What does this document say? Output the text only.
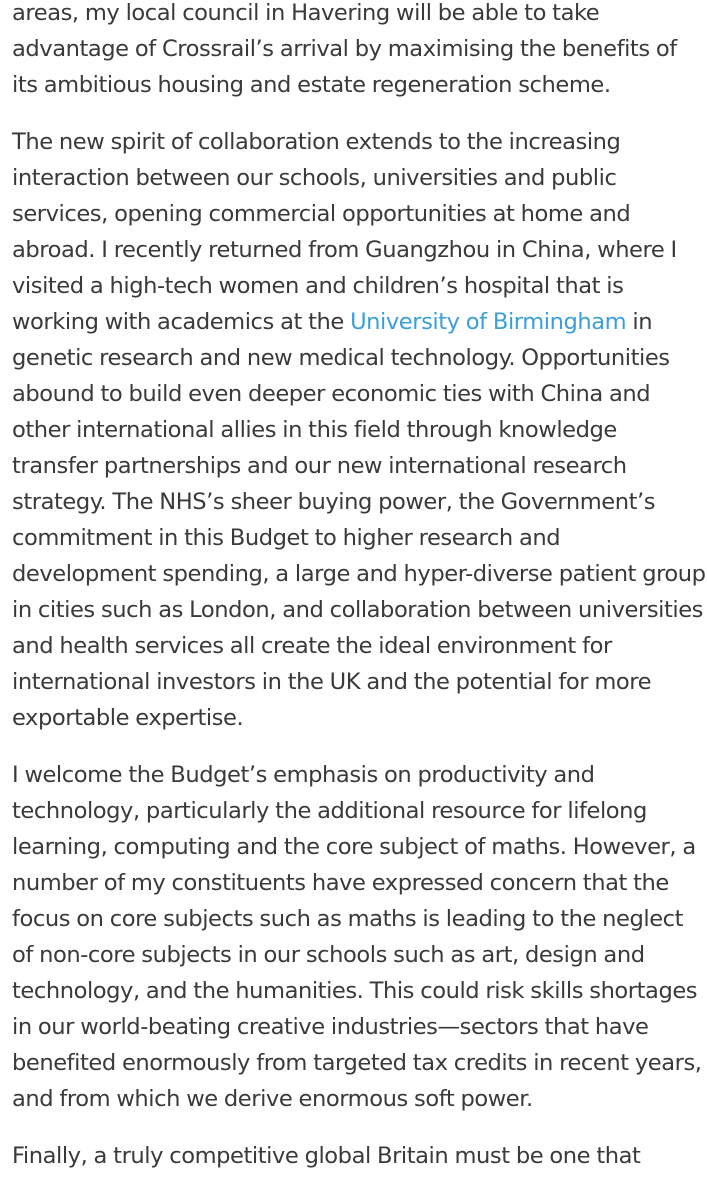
areas, my local council in Havering will be able to take advantage of Crossrail’s arrival by maximising the benefits of its ambitious housing and estate regeneration scheme.

The new spirit of collaboration extends to the increasing interaction between our schools, universities and public services, opening commercial opportunities at home and abroad. I recently returned from Guangzhou in China, where I visited a high-tech women and children’s hospital that is working with academics at the University of Birmingham in genetic research and new medical technology. Opportunities abound to build even deeper economic ties with China and other international allies in this field through knowledge transfer partnerships and our new international research strategy. The NHS’s sheer buying power, the Government’s commitment in this Budget to higher research and development spending, a large and hyper-diverse patient group in cities such as London, and collaboration between universities and health services all create the ideal environment for international investors in the UK and the potential for more exportable expertise.

I welcome the Budget’s emphasis on productivity and technology, particularly the additional resource for lifelong learning, computing and the core subject of maths. However, a number of my constituents have expressed concern that the focus on core subjects such as maths is leading to the neglect of non-core subjects in our schools such as art, design and technology, and the humanities. This could risk skills shortages in our world-beating creative industries—sectors that have benefited enormously from targeted tax credits in recent years, and from which we derive enormous soft power.

Finally, a truly competitive global Britain must be one that
